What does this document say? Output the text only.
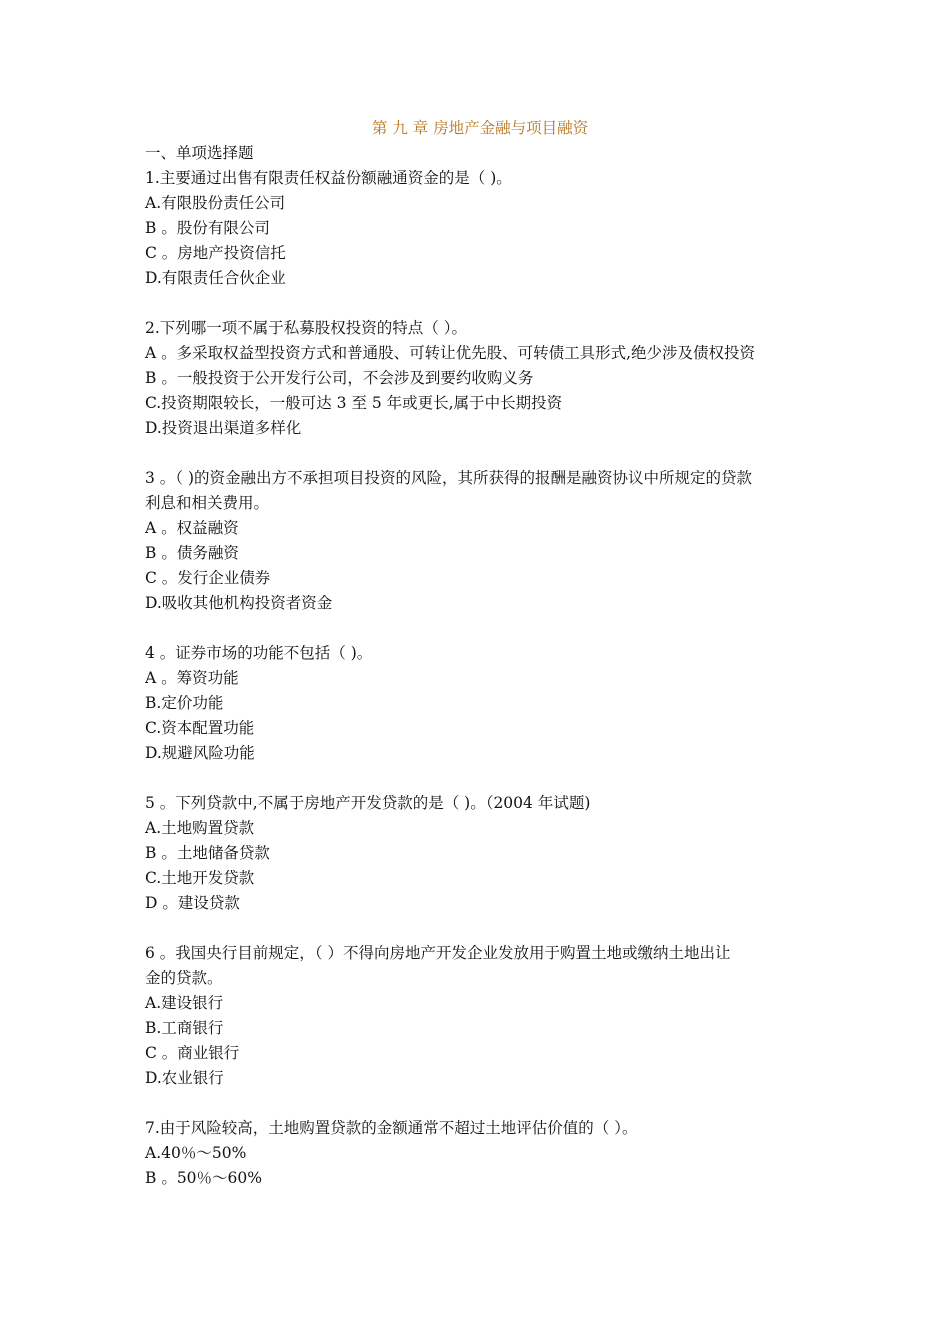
第 九 章 房地产金融与项目融资
一、单项选择题
1.主要通过出售有限责任权益份额融通资金的是（ )。
A.有限股份责任公司
B 。股份有限公司
C 。房地产投资信托
D.有限责任合伙企业
2.下列哪一项不属于私募股权投资的特点（ ）。
A 。多采取权益型投资方式和普通股、可转让优先股、可转债工具形式,绝少涉及债权投资
B 。一般投资于公开发行公司，不会涉及到要约收购义务
C.投资期限较长，一般可达 3 至 5 年或更长,属于中长期投资
D.投资退出渠道多样化
3 。（ )的资金融出方不承担项目投资的风险，其所获得的报酬是融资协议中所规定的贷款
利息和相关费用。
A 。权益融资
B 。债务融资
C 。发行企业债券
D.吸收其他机构投资者资金
4 。证券市场的功能不包括（ )。
A 。筹资功能
B.定价功能
C.资本配置功能
D.规避风险功能
5 。下列贷款中,不属于房地产开发贷款的是（ )。（2004 年试题)
A.土地购置贷款
B 。土地储备贷款
C.土地开发贷款
D 。建设贷款
6 。我国央行目前规定，（ ）不得向房地产开发企业发放用于购置土地或缴纳土地出让
金的贷款。
A.建设银行
B.工商银行
C 。商业银行
D.农业银行
7.由于风险较高，土地购置贷款的金额通常不超过土地评估价值的（ ）。
A.40％～50%
B 。50％～60%
